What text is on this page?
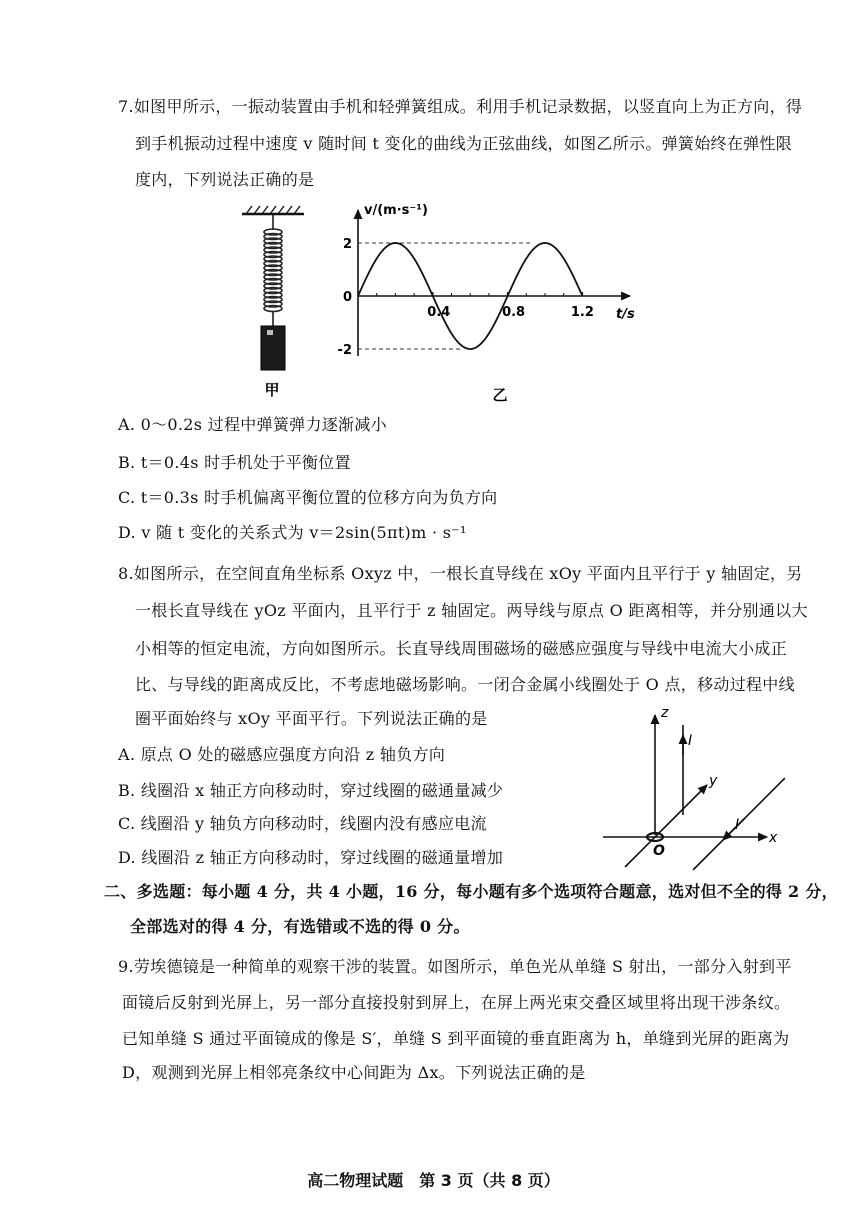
7.如图甲所示，一振动装置由手机和轻弹簧组成。利用手机记录数据，以竖直向上为正方向，得
到手机振动过程中速度 v 随时间 t 变化的曲线为正弦曲线，如图乙所示。弹簧始终在弹性限
度内，下列说法正确的是
甲
v/(m·s⁻¹)
t/s
2
0
-2
0.4	0.8	1.2
乙
A. 0～0.2s 过程中弹簧弹力逐渐减小
B. t＝0.4s 时手机处于平衡位置
C. t＝0.3s 时手机偏离平衡位置的位移方向为负方向
D. v 随 t 变化的关系式为 v＝2sin(5πt)m · s⁻¹
8.如图所示，在空间直角坐标系 Oxyz 中，一根长直导线在 xOy 平面内且平行于 y 轴固定，另
一根长直导线在 yOz 平面内，且平行于 z 轴固定。两导线与原点 O 距离相等，并分别通以大
小相等的恒定电流，方向如图所示。长直导线周围磁场的磁感应强度与导线中电流大小成正
比、与导线的距离成反比，不考虑地磁场影响。一闭合金属小线圈处于 O 点，移动过程中线
圈平面始终与 xOy 平面平行。下列说法正确的是
A. 原点 O 处的磁感应强度方向沿 z 轴负方向
B. 线圈沿 x 轴正方向移动时，穿过线圈的磁通量减少
C. 线圈沿 y 轴负方向移动时，线圈内没有感应电流
D. 线圈沿 z 轴正方向移动时，穿过线圈的磁通量增加
z
y
x
O
I
I
二、多选题：每小题 4 分，共 4 小题，16 分，每小题有多个选项符合题意，选对但不全的得 2 分，
全部选对的得 4 分，有选错或不选的得 0 分。
9.劳埃德镜是一种简单的观察干涉的装置。如图所示，单色光从单缝 S 射出，一部分入射到平
面镜后反射到光屏上，另一部分直接投射到屏上，在屏上两光束交叠区域里将出现干涉条纹。
已知单缝 S 通过平面镜成的像是 S′，单缝 S 到平面镜的垂直距离为 h，单缝到光屏的距离为
D，观测到光屏上相邻亮条纹中心间距为 Δx。下列说法正确的是
高二物理试题　第 3 页（共 8 页）
